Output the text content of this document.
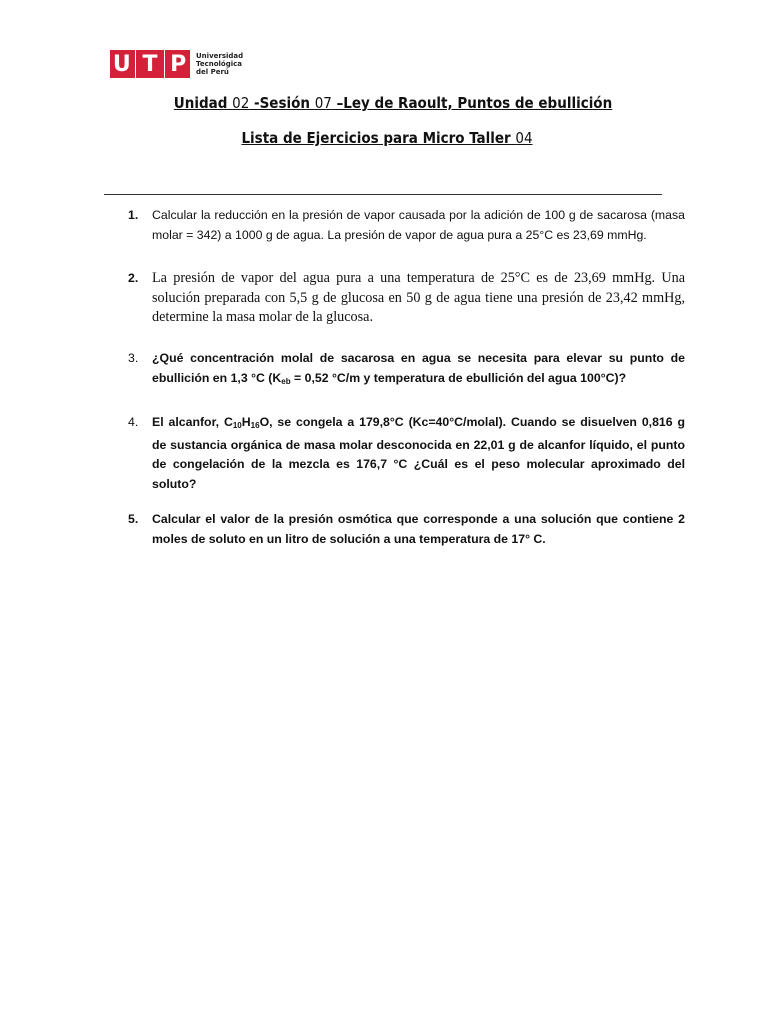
U T P Universidad
Tecnológica
del Perú
Unidad 02 -Sesión 07 –Ley de Raoult, Puntos de ebullición
Lista de Ejercicios para Micro Taller 04
1.	Calcular la reducción en la presión de vapor causada por la adición de 100 g de sacarosa (masa molar = 342) a 1000 g de agua. La presión de vapor de agua pura a 25°C es 23,69 mmHg.
2. La presión de vapor del agua pura a una temperatura de 25°C es de 23,69 mmHg. Una solución preparada con 5,5 g de glucosa en 50 g de agua tiene una presión de 23,42 mmHg, determine la masa molar de la glucosa.
3.	¿Qué concentración molal de sacarosa en agua se necesita para elevar su punto de ebullición en 1,3 °C ($K_{eb} = 0,52$ °C/m y temperatura de ebullición del agua 100°C)?
4.	El alcanfor, $C_{10}H_{16}O$, se congela a 179,8°C (Kc=40°C/molal). Cuando se disuelven 0,816 g de sustancia orgánica de masa molar desconocida en 22,01 g de alcanfor líquido, el punto de congelación de la mezcla es 176,7 °C ¿Cuál es el peso molecular aproximado del soluto?
5.	Calcular el valor de la presión osmótica que corresponde a una solución que contiene 2 moles de soluto en un litro de solución a una temperatura de 17° C.
